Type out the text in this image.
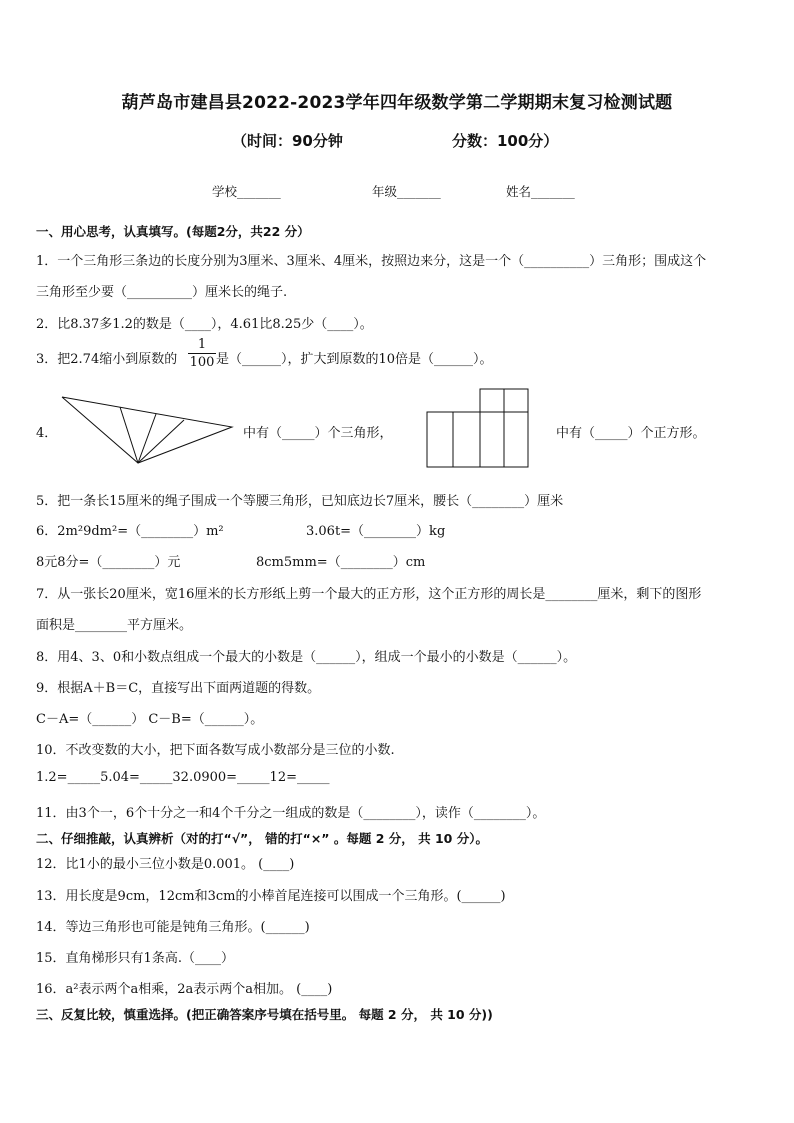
葫芦岛市建昌县2022-2023学年四年级数学第二学期期末复习检测试题
（时间：90分钟	分数：100分）
学校_______	年级_______	姓名_______
一、用心思考，认真填写。(每题2分，共22 分）
1．一个三角形三条边的长度分别为3厘米、3厘米、4厘米，按照边来分，这是一个（__________）三角形；围成这个
三角形至少要（__________）厘米长的绳子.
2．比8.37多1.2的数是（____），4.61比8.25少（____）。
3．把2.74缩小到原数的 $\frac{1}{100}$ 是（______），扩大到原数的10倍是（______）。
4．	中有（_____）个三角形，	中有（_____）个正方形。
5．把一条长15厘米的绳子围成一个等腰三角形，已知底边长7厘米，腰长（________）厘米
6．2m²9dm²=（________）m²	3.06t=（________）kg
8元8分=（________）元	8cm5mm=（________）cm
7．从一张长20厘米，宽16厘米的长方形纸上剪一个最大的正方形，这个正方形的周长是________厘米，剩下的图形
面积是________平方厘米。
8．用4、3、0和小数点组成一个最大的小数是（______），组成一个最小的小数是（______）。
9．根据A＋B＝C，直接写出下面两道题的得数。
C－A=（______） C－B=（______）。
10．不改变数的大小，把下面各数写成小数部分是三位的小数.
1.2=_____5.04=_____32.0900=_____12=_____
11．由3个一，6个十分之一和4个千分之一组成的数是（________），读作（________）。
二、仔细推敲，认真辨析（对的打“√”， 错的打“×” 。每题 2 分， 共 10 分）。
12．比1小的最小三位小数是0.001。 (____)
13．用长度是9cm，12cm和3cm的小棒首尾连接可以围成一个三角形。(______)
14．等边三角形也可能是钝角三角形。(______)
15．直角梯形只有1条高.（____）
16．a²表示两个a相乘，2a表示两个a相加。 (____)
三、反复比较，慎重选择。(把正确答案序号填在括号里。 每题 2 分， 共 10 分))
